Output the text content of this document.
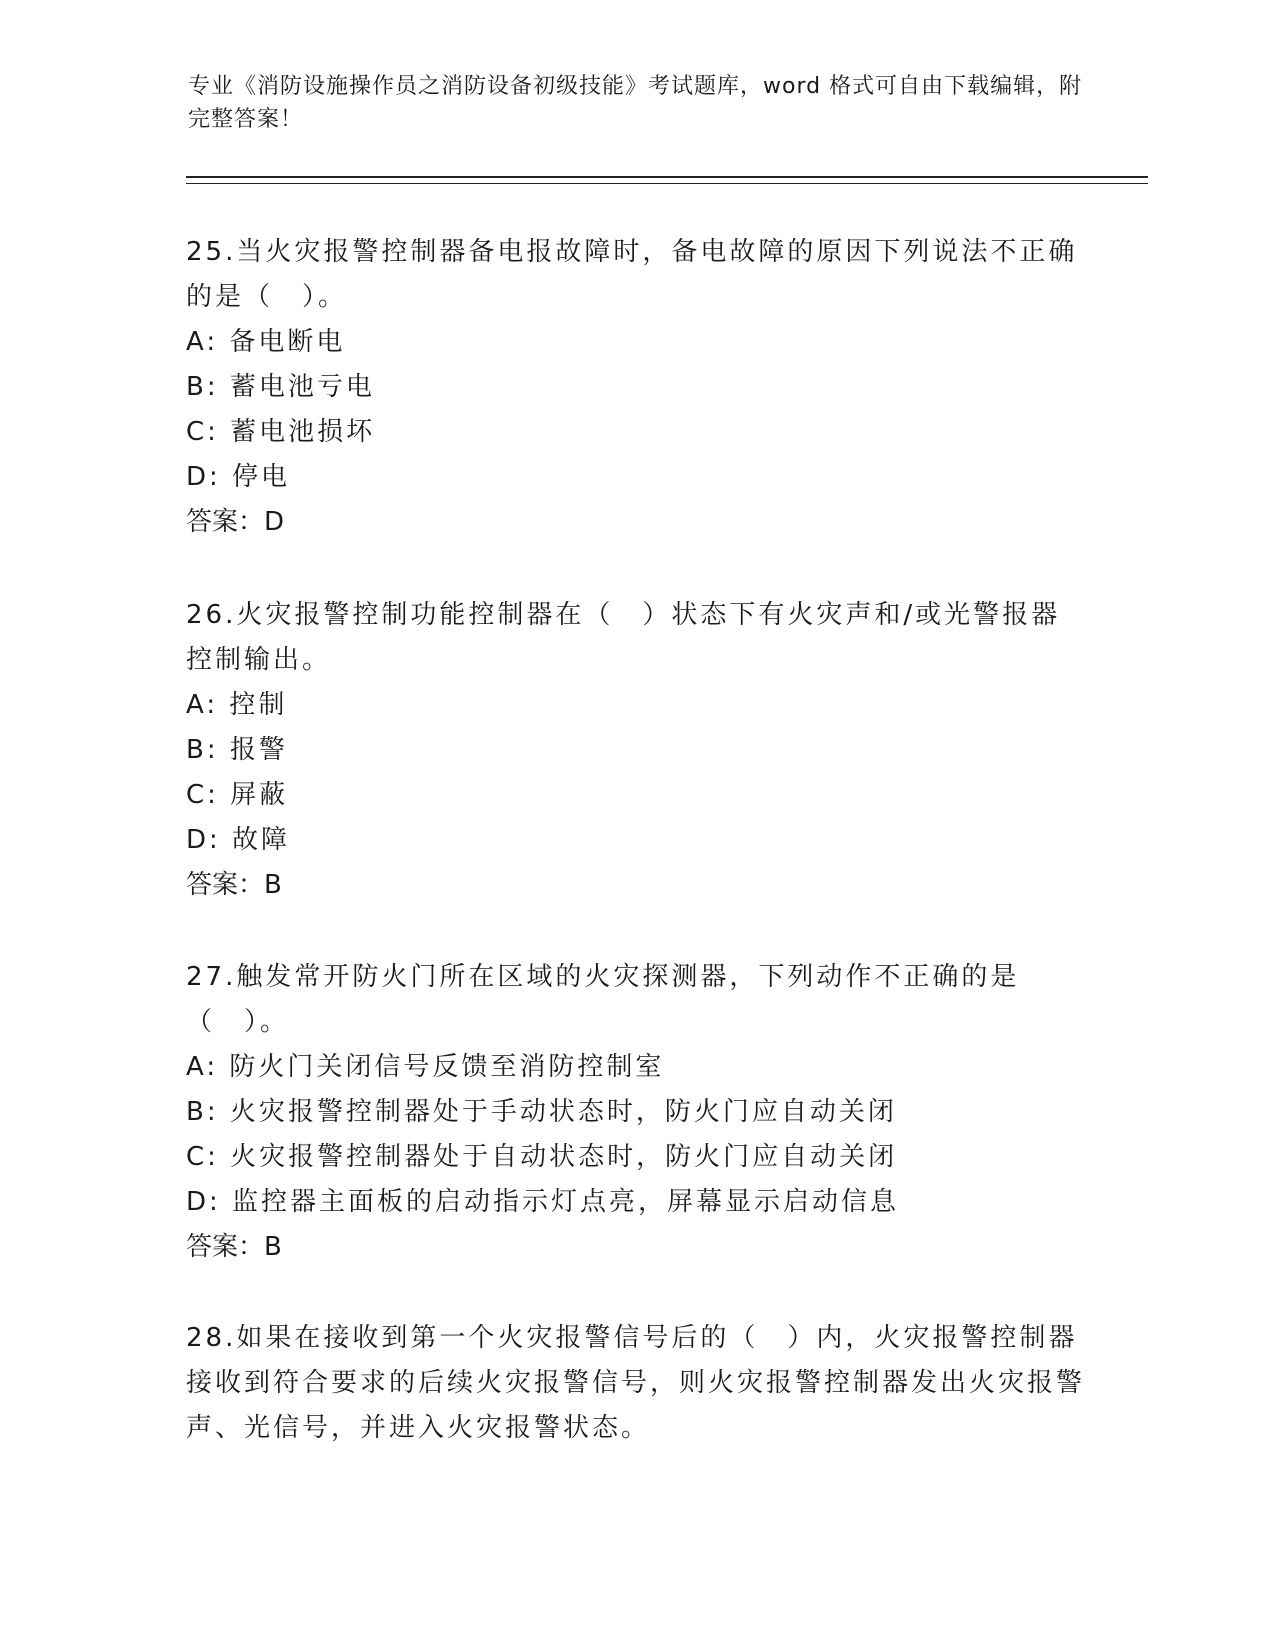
专业《消防设施操作员之消防设备初级技能》考试题库，word 格式可自由下载编辑，附完整答案！
25.当火灾报警控制器备电报故障时，备电故障的原因下列说法不正确的是（　）。
A: 备电断电
B: 蓄电池亏电
C: 蓄电池损坏
D: 停电
答案：D
26.火灾报警控制功能控制器在（　）状态下有火灾声和/或光警报器控制输出。
A: 控制
B: 报警
C: 屏蔽
D: 故障
答案：B
27.触发常开防火门所在区域的火灾探测器，下列动作不正确的是（　）。
A: 防火门关闭信号反馈至消防控制室
B: 火灾报警控制器处于手动状态时，防火门应自动关闭
C: 火灾报警控制器处于自动状态时，防火门应自动关闭
D: 监控器主面板的启动指示灯点亮，屏幕显示启动信息
答案：B
28.如果在接收到第一个火灾报警信号后的（　）内，火灾报警控制器接收到符合要求的后续火灾报警信号，则火灾报警控制器发出火灾报警声、光信号，并进入火灾报警状态。
